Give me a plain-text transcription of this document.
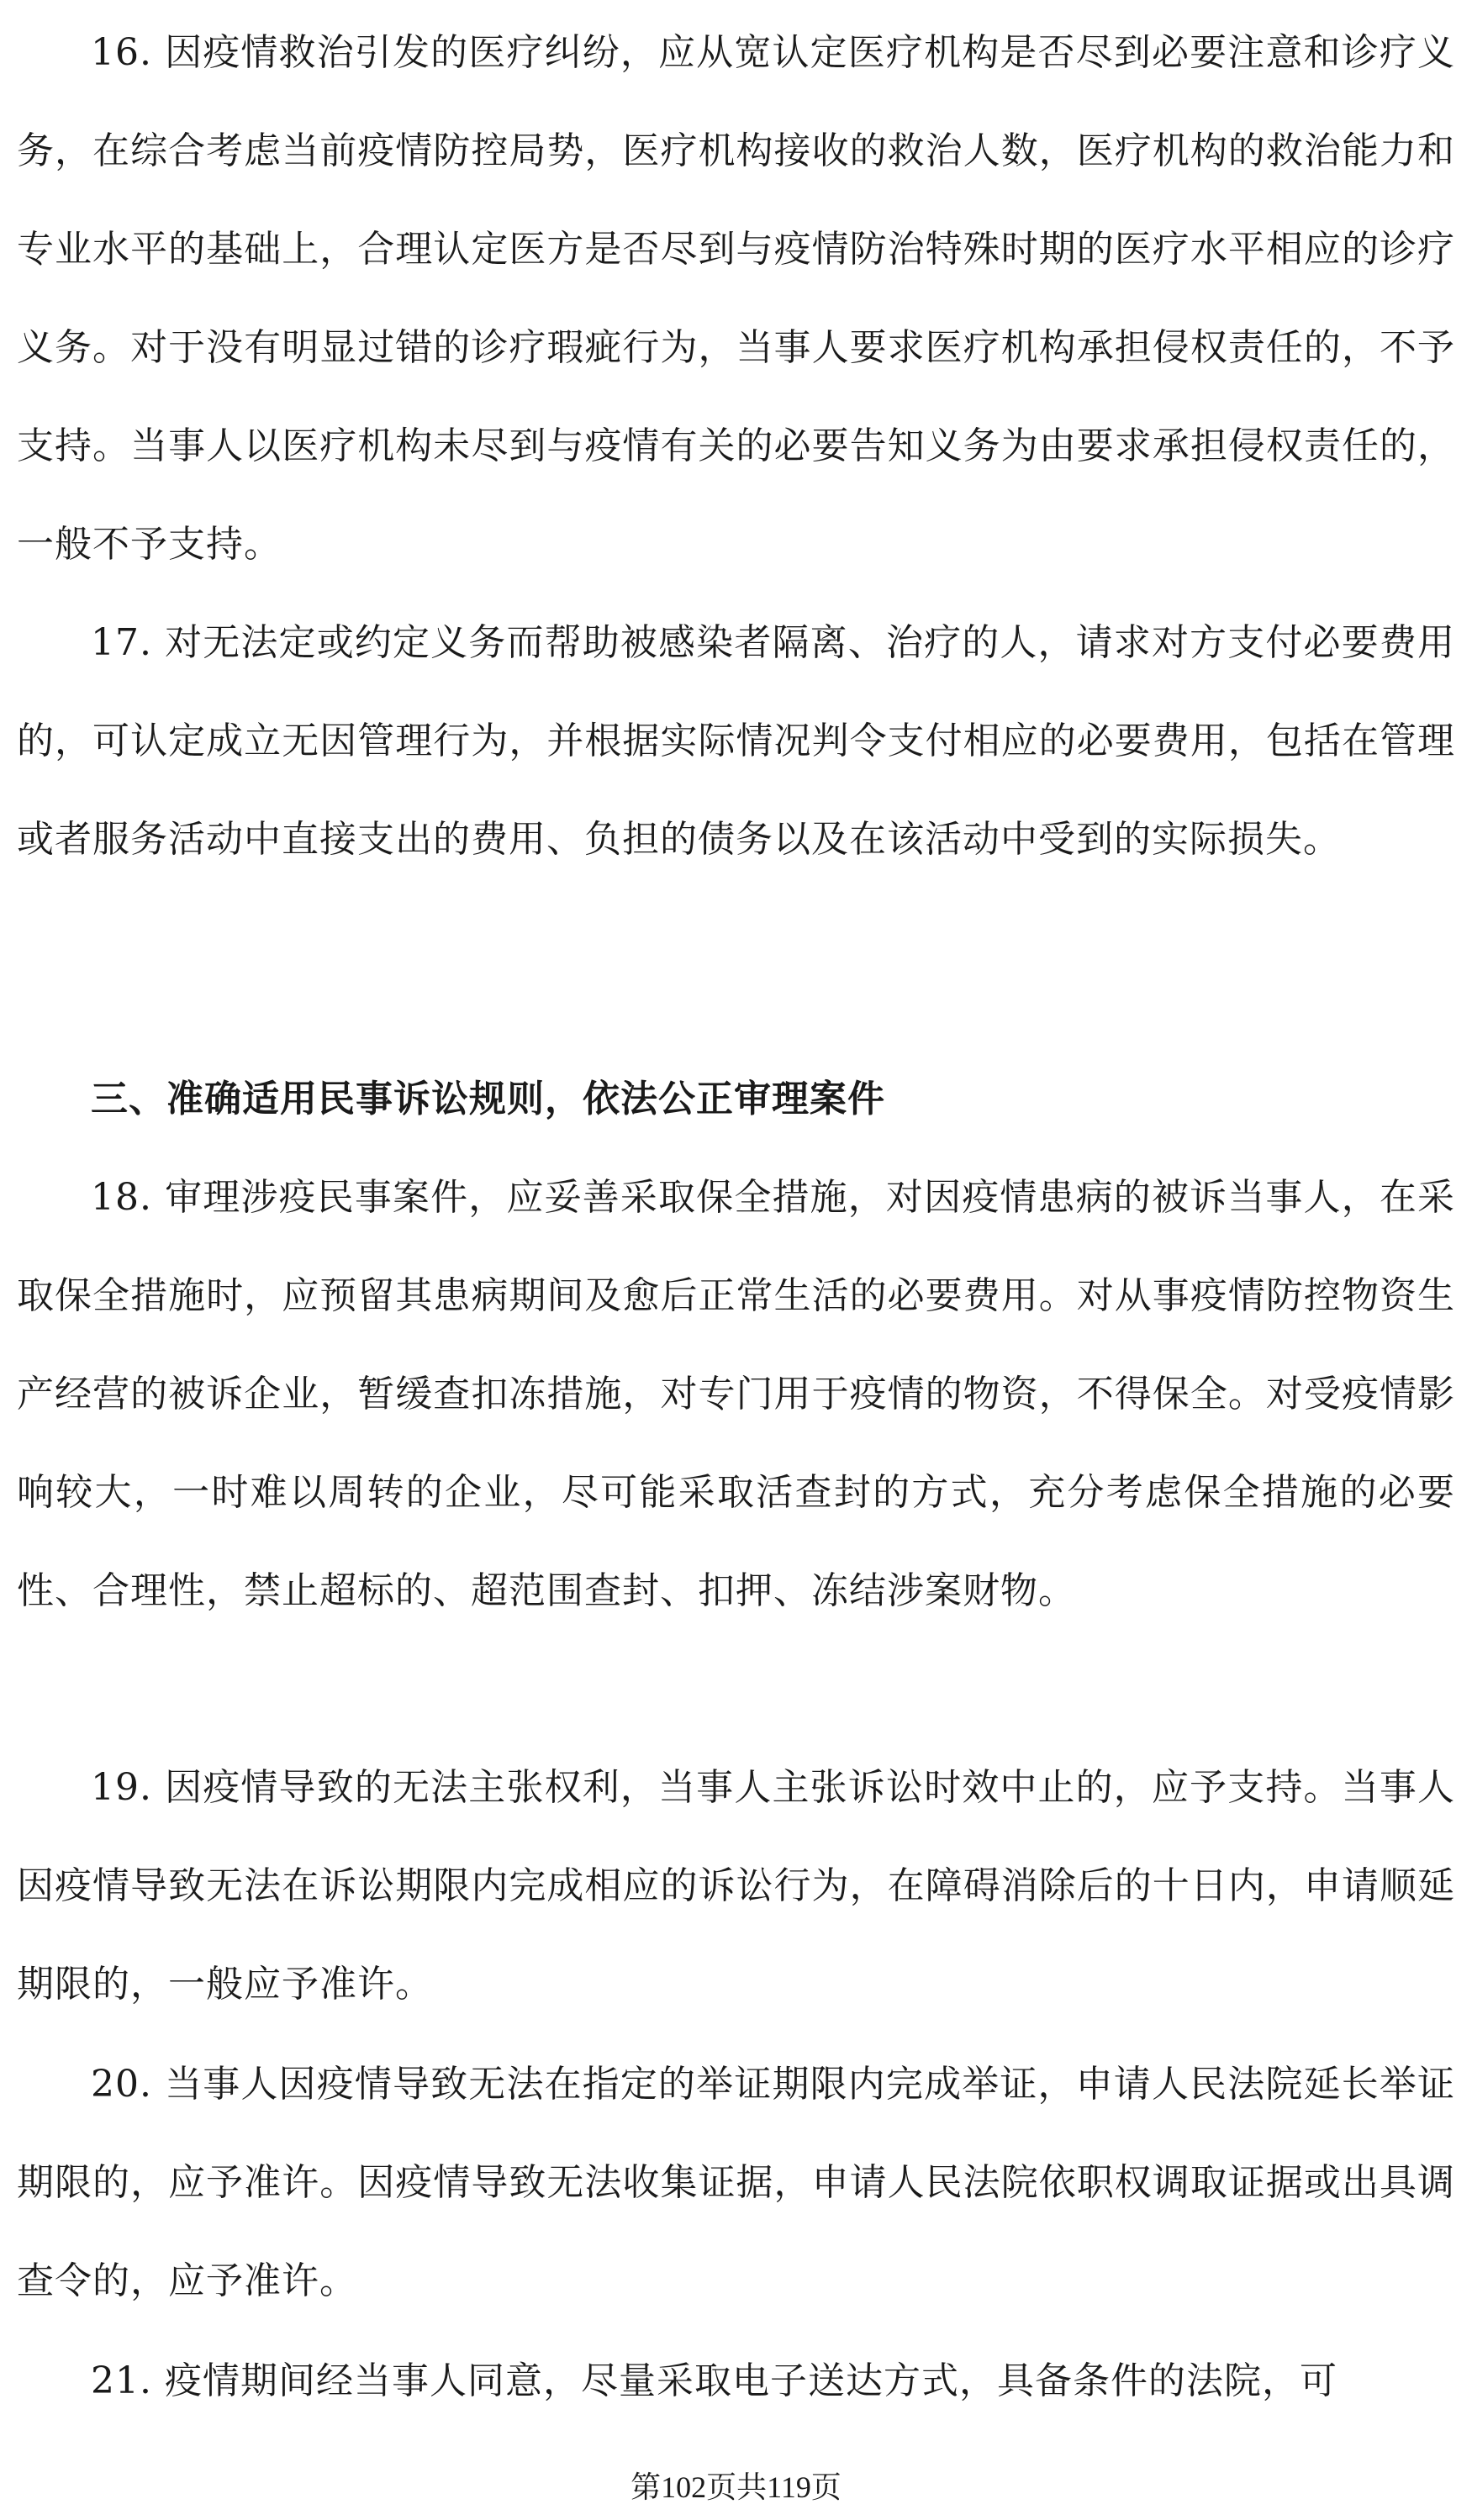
16. 因疫情救治引发的医疗纠纷，应从宽认定医疗机构是否尽到必要注意和诊疗义务，在综合考虑当前疫情防控局势，医疗机构接收的救治人数，医疗机构的救治能力和专业水平的基础上，合理认定医方是否尽到与疫情防治特殊时期的医疗水平相应的诊疗义务。对于没有明显过错的诊疗瑕疵行为，当事人要求医疗机构承担侵权责任的，不予支持。当事人以医疗机构未尽到与疫情有关的必要告知义务为由要求承担侵权责任的，一般不予支持。

17. 对无法定或约定义务而帮助被感染者隔离、治疗的人，请求对方支付必要费用的，可认定成立无因管理行为，并根据实际情况判令支付相应的必要费用，包括在管理或者服务活动中直接支出的费用、负担的债务以及在该活动中受到的实际损失。

三、准确适用民事诉讼规则，依法公正审理案件

18. 审理涉疫民事案件，应妥善采取保全措施，对因疫情患病的被诉当事人，在采取保全措施时，应预留其患病期间及愈后正常生活的必要费用。对从事疫情防控物资生产经营的被诉企业，暂缓查扣冻措施，对专门用于疫情的物资，不得保全。对受疫情影响较大，一时难以周转的企业，尽可能采取活查封的方式，充分考虑保全措施的必要性、合理性，禁止超标的、超范围查封、扣押、冻结涉案财物。

19. 因疫情导致的无法主张权利，当事人主张诉讼时效中止的，应予支持。当事人因疫情导致无法在诉讼期限内完成相应的诉讼行为，在障碍消除后的十日内，申请顺延期限的，一般应予准许。

20. 当事人因疫情导致无法在指定的举证期限内完成举证，申请人民法院延长举证期限的，应予准许。因疫情导致无法收集证据，申请人民法院依职权调取证据或出具调查令的，应予准许。

21. 疫情期间经当事人同意，尽量采取电子送达方式，具备条件的法院，可

第102页共119页
